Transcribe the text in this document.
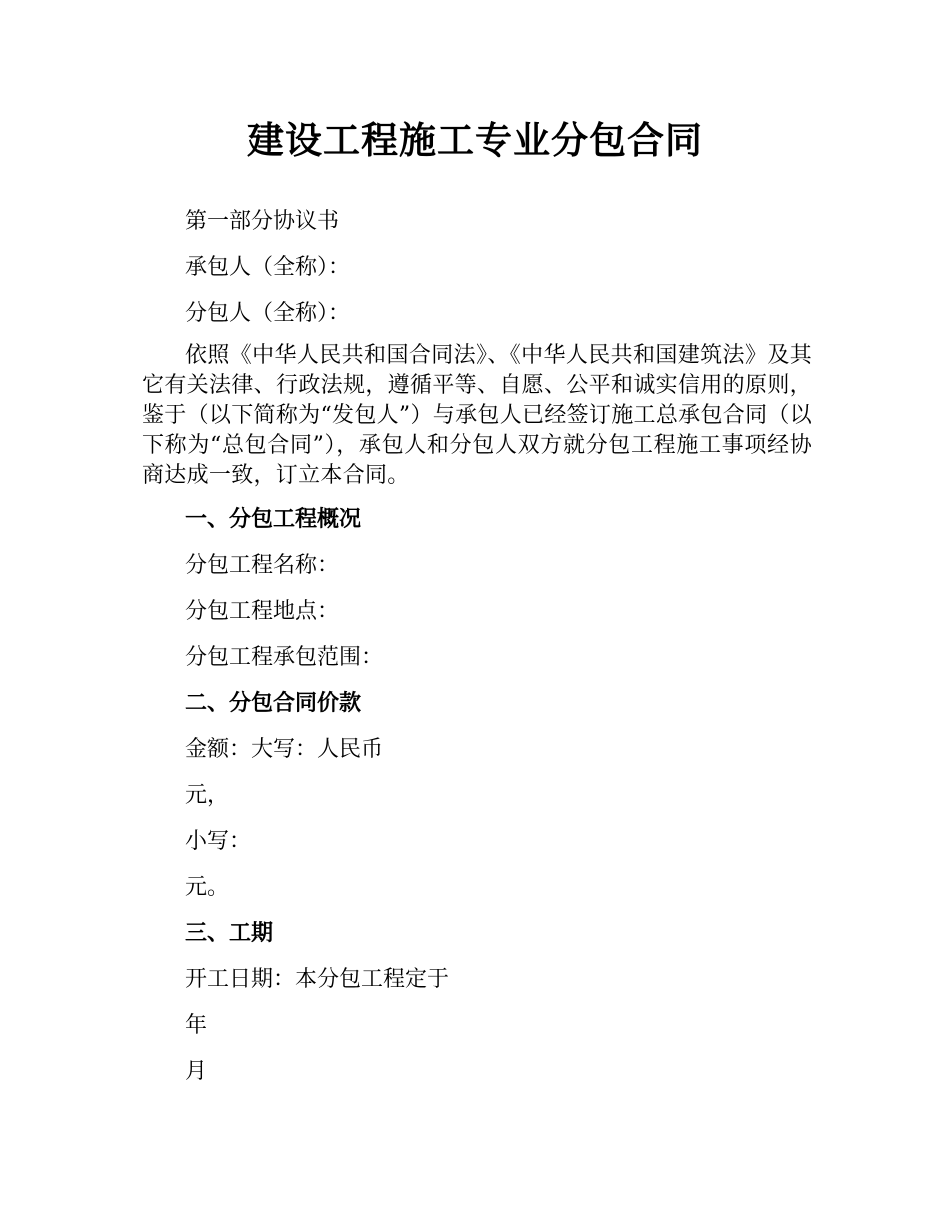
建设工程施工专业分包合同

第一部分协议书

承包人（全称）：

分包人（全称）：

依照《中华人民共和国合同法》、《中华人民共和国建筑法》及其它有关法律、行政法规，遵循平等、自愿、公平和诚实信用的原则，鉴于（以下简称为“发包人”）与承包人已经签订施工总承包合同（以下称为“总包合同”），承包人和分包人双方就分包工程施工事项经协商达成一致，订立本合同。

一、分包工程概况

分包工程名称：

分包工程地点：

分包工程承包范围：

二、分包合同价款

金额：大写：人民币

元，

小写：

元。

三、工期

开工日期：本分包工程定于

年

月
